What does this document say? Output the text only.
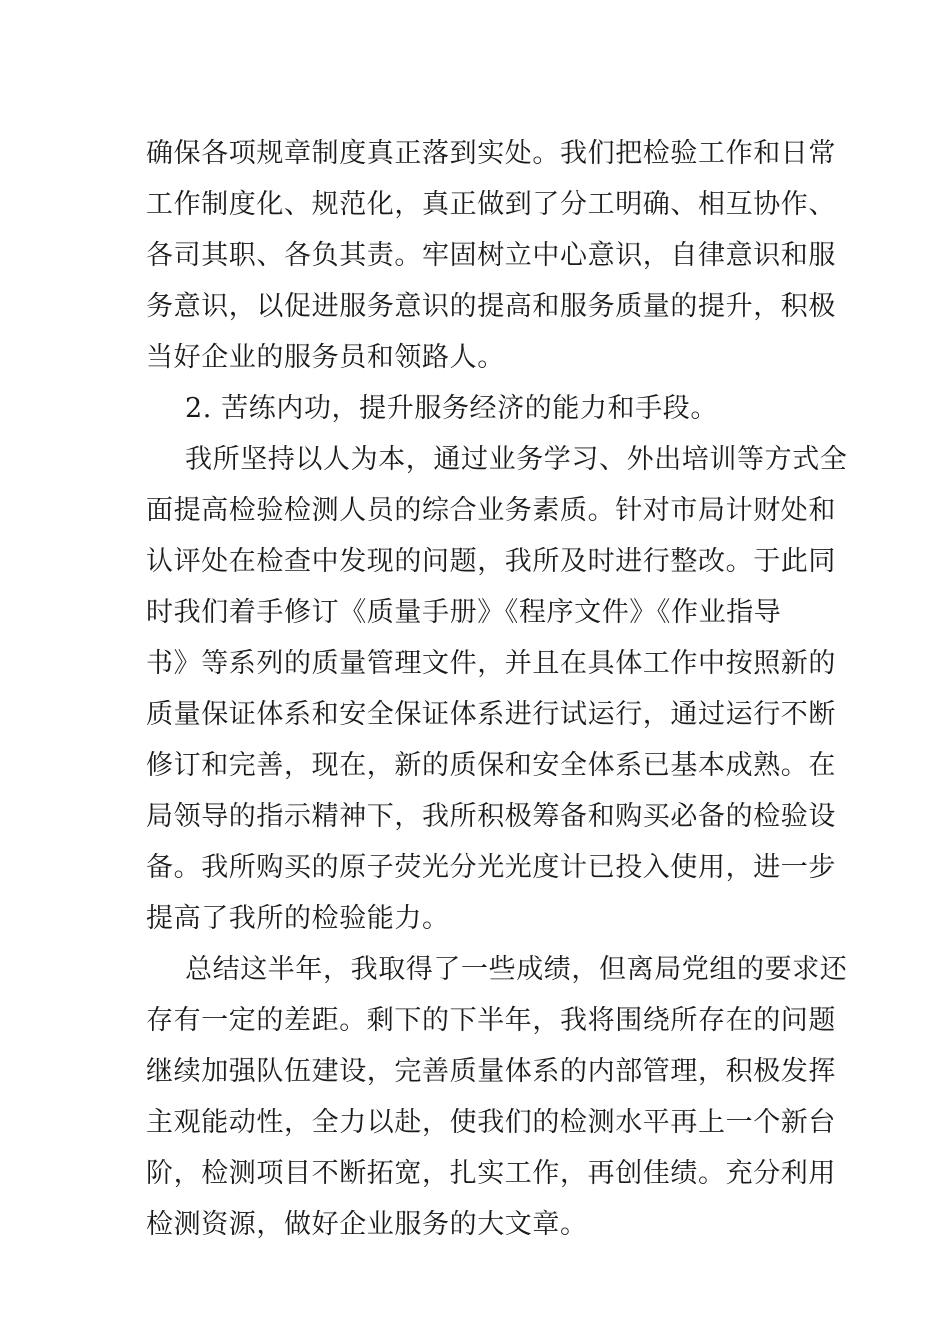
确保各项规章制度真正落到实处。我们把检验工作和日常
工作制度化、规范化，真正做到了分工明确、相互协作、
各司其职、各负其责。牢固树立中心意识，自律意识和服
务意识，以促进服务意识的提高和服务质量的提升，积极
当好企业的服务员和领路人。
2. 苦练内功，提升服务经济的能力和手段。
我所坚持以人为本，通过业务学习、外出培训等方式全
面提高检验检测人员的综合业务素质。针对市局计财处和
认评处在检查中发现的问题，我所及时进行整改。于此同
时我们着手修订《质量手册》《程序文件》《作业指导
书》等系列的质量管理文件，并且在具体工作中按照新的
质量保证体系和安全保证体系进行试运行，通过运行不断
修订和完善，现在，新的质保和安全体系已基本成熟。在
局领导的指示精神下，我所积极筹备和购买必备的检验设
备。我所购买的原子荧光分光光度计已投入使用，进一步
提高了我所的检验能力。
总结这半年，我取得了一些成绩，但离局党组的要求还
存有一定的差距。剩下的下半年，我将围绕所存在的问题
继续加强队伍建设，完善质量体系的内部管理，积极发挥
主观能动性，全力以赴，使我们的检测水平再上一个新台
阶，检测项目不断拓宽，扎实工作，再创佳绩。充分利用
检测资源，做好企业服务的大文章。
